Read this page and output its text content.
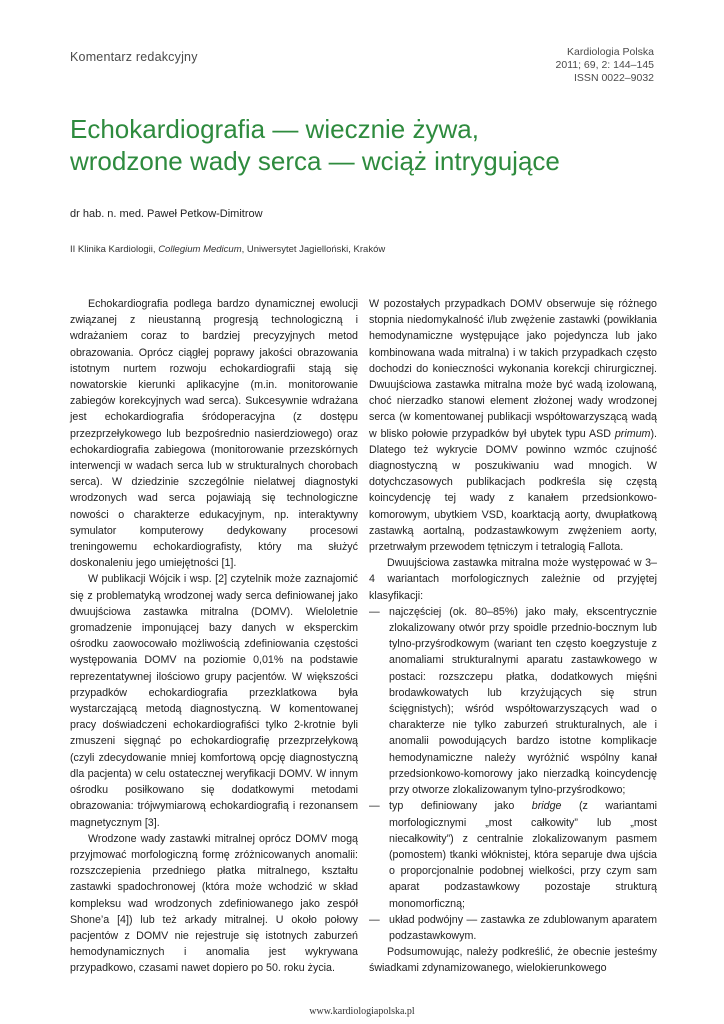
Komentarz redakcyjny	Kardiologia Polska
2011; 69, 2: 144–145
ISSN 0022–9032
Echokardiografia — wiecznie żywa,
wrodzone wady serca — wciąż intrygujące
dr hab. n. med. Paweł Petkow-Dimitrow
II Klinika Kardiologii, Collegium Medicum, Uniwersytet Jagielloński, Kraków

Echokardiografia podlega bardzo dynamicznej ewolucji związanej z nieustanną progresją technologiczną i wdrażaniem coraz to bardziej precyzyjnych metod obrazowania. Oprócz ciągłej poprawy jakości obrazowania istotnym nurtem rozwoju echokardiografii stają się nowatorskie kierunki aplikacyjne (m.in. monitorowanie zabiegów korekcyjnych wad serca). Sukcesywnie wdrażana jest echokardiografia śródoperacyjna (z dostępu przezprzełykowego lub bezpośrednio nasierdziowego) oraz echokardiografia zabiegowa (monitorowanie przezskórnych interwencji w wadach serca lub w strukturalnych chorobach serca). W dziedzinie szczególnie nielatwej diagnostyki wrodzonych wad serca pojawiają się technologiczne nowości o charakterze edukacyjnym, np. interaktywny symulator komputerowy dedykowany procesowi treningowemu echokardiografisty, który ma służyć doskonaleniu jego umiejętności [1].

W publikacji Wójcik i wsp. [2] czytelnik może zaznajomić się z problematyką wrodzonej wady serca definiowanej jako dwuujściowa zastawka mitralna (DOMV). Wieloletnie gromadzenie imponującej bazy danych w eksperckim ośrodku zaowocowało możliwością zdefiniowania częstości występowania DOMV na poziomie 0,01% na podstawie reprezentatywnej ilościowo grupy pacjentów. W większości przypadków echokardiografia przezklatkowa była wystarczającą metodą diagnostyczną. W komentowanej pracy doświadczeni echokardiografiści tylko 2-krotnie byli zmuszeni sięgnąć po echokardiografię przezprzełykową (czyli zdecydowanie mniej komfortową opcję diagnostyczną dla pacjenta) w celu ostatecznej weryfikacji DOMV. W innym ośrodku posiłkowano się dodatkowymi metodami obrazowania: trójwymiarową echokardiografią i rezonansem magnetycznym [3].

Wrodzone wady zastawki mitralnej oprócz DOMV mogą przyjmować morfologiczną formę zróżnicowanych anomalii: rozszczepienia przedniego płatka mitralnego, kształtu zastawki spadochronowej (która może wchodzić w skład kompleksu wad wrodzonych zdefiniowanego jako zespół Shone’a [4]) lub też arkady mitralnej. U około połowy pacjentów z DOMV nie rejestruje się istotnych zaburzeń hemodynamicznych i anomalia jest wykrywana przypadkowo, czasami nawet dopiero po 50. roku życia.

W pozostałych przypadkach DOMV obserwuje się różnego stopnia niedomykalność i/lub zwężenie zastawki (powikłania hemodynamiczne występujące jako pojedyncza lub jako kombinowana wada mitralna) i w takich przypadkach często dochodzi do konieczności wykonania korekcji chirurgicznej. Dwuujściowa zastawka mitralna może być wadą izolowaną, choć nierzadko stanowi element złożonej wady wrodzonej serca (w komentowanej publikacji współtowarzyszącą wadą w blisko połowie przypadków był ubytek typu ASD primum). Dlatego też wykrycie DOMV powinno wzmóc czujność diagnostyczną w poszukiwaniu wad mnogich. W dotychczasowych publikacjach podkreśla się częstą koincydencję tej wady z kanałem przedsionkowo-komorowym, ubytkiem VSD, koarktacją aorty, dwupłatkową zastawką aortalną, podzastawkowym zwężeniem aorty, przetrwałym przewodem tętniczym i tetralogią Fallota.

Dwuujściowa zastawka mitralna może występować w 3–4 wariantach morfologicznych zależnie od przyjętej klasyfikacji:

— najczęściej (ok. 80–85%) jako mały, ekscentrycznie zlokalizowany otwór przy spoidle przednio-bocznym lub tylno-przyśrodkowym (wariant ten często koegzystuje z anomaliami strukturalnymi aparatu zastawkowego w postaci: rozszczepu płatka, dodatkowych mięśni brodawkowatych lub krzyżujących się strun ścięgnistych); wśród współtowarzyszących wad o charakterze nie tylko zaburzeń strukturalnych, ale i anomalii powodujących bardzo istotne komplikacje hemodynamiczne należy wyróżnić wspólny kanał przedsionkowo-komorowy jako nierzadką koincydencję przy otworze zlokalizowanym tylno-przyśrodkowo;
— typ definiowany jako bridge (z wariantami morfologicznymi „most całkowity” lub „most niecałkowity”) z centralnie zlokalizowanym pasmem (pomostem) tkanki włóknistej, która separuje dwa ujścia o proporcjonalnie podobnej wielkości, przy czym sam aparat podzastawkowy pozostaje strukturą monomorficzną;
— układ podwójny — zastawka ze zdublowanym aparatem podzastawkowym.

Podsumowując, należy podkreślić, że obecnie jesteśmy świadkami zdynamizowanego, wielokierunkowego

www.kardiologiapolska.pl
